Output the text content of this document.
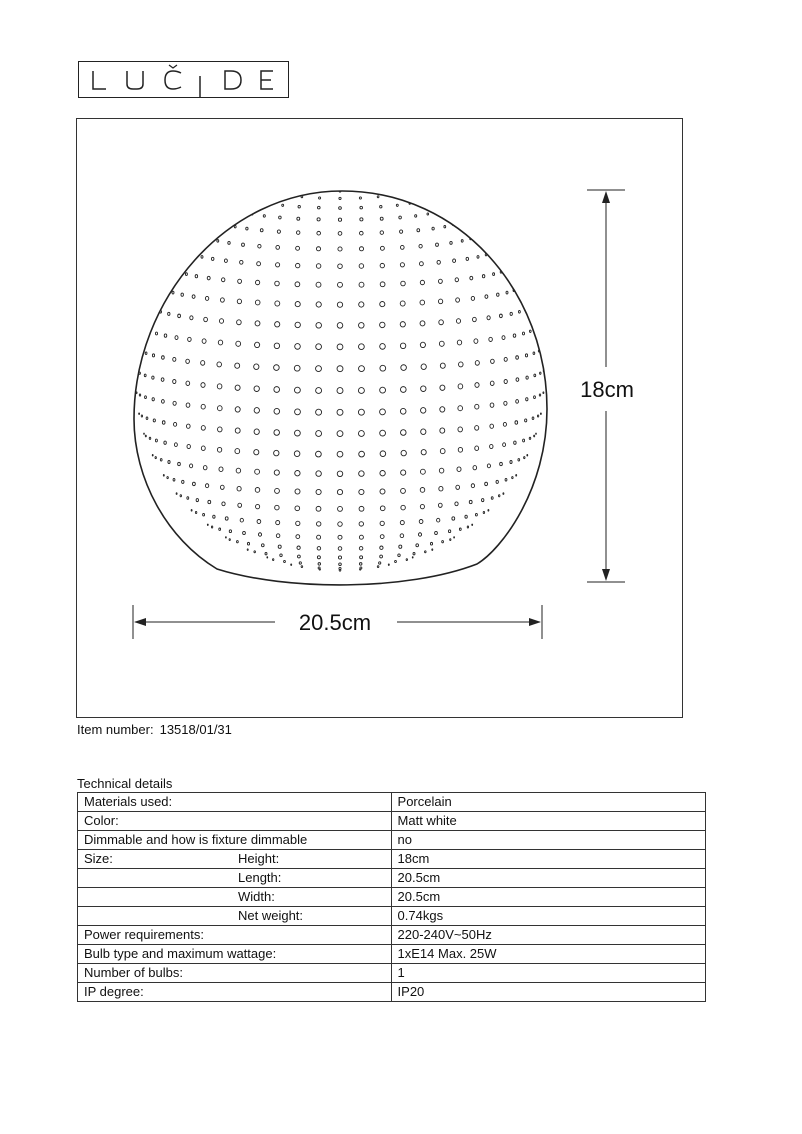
18cm
20.5cm
Item number: 13518/01/31
Technical details
Materials used:	Porcelain
Color:	Matt white
Dimmable and how is fixture dimmable	no
Size: Height:	18cm

Length:	20.5cm

Width:	20.5cm

Net weight:	0.74kgs
Power requirements:	220-240V~50Hz
Bulb type and maximum wattage:	1xE14 Max. 25W
Number of bulbs:	1
IP degree:	IP20
